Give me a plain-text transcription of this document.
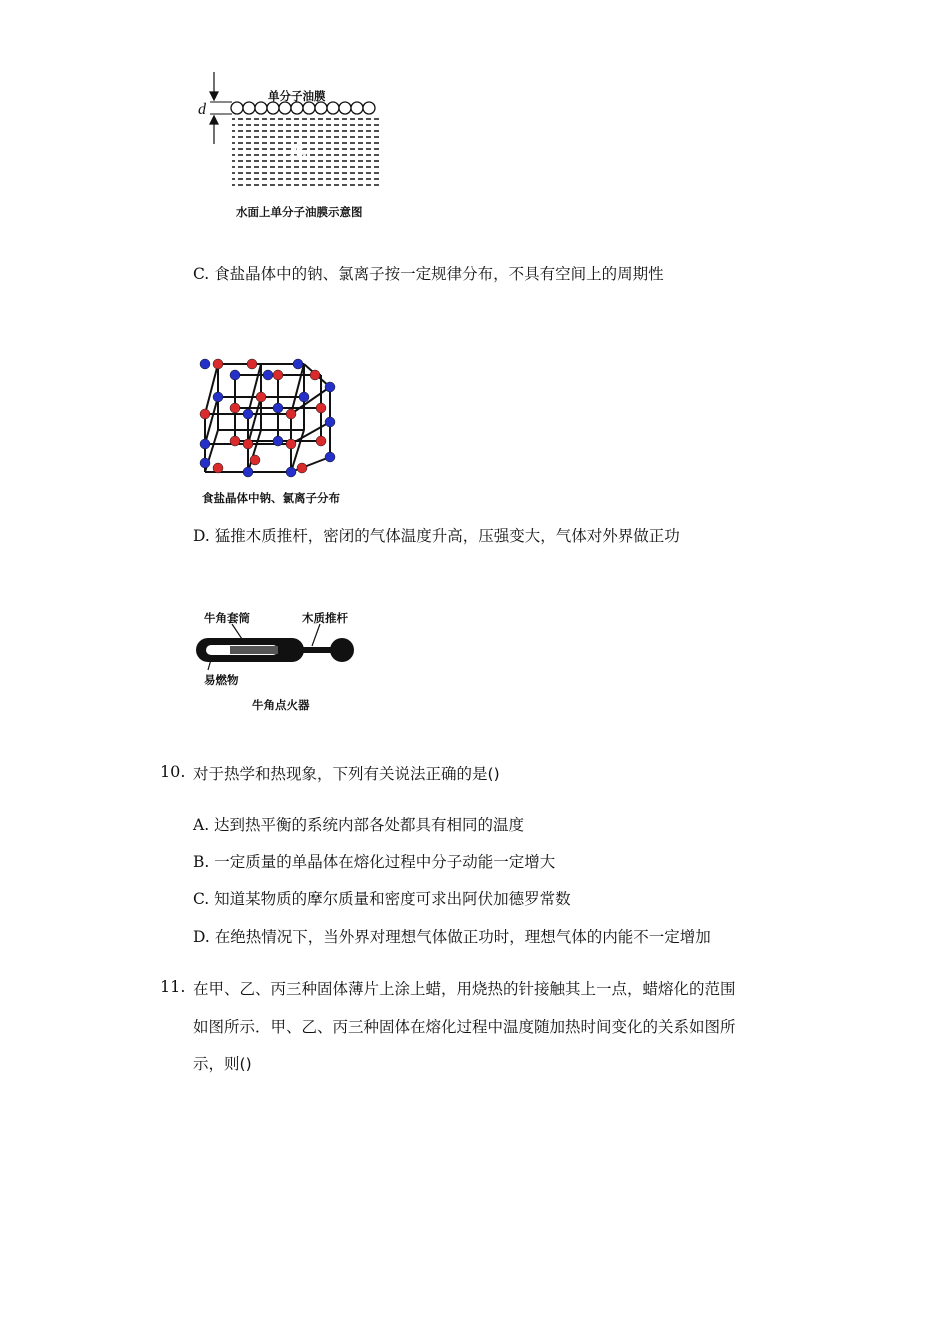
d
单分子油膜
水
水面上单分子油膜示意图
C. 食盐晶体中的钠、氯离子按一定规律分布，不具有空间上的周期性
食盐晶体中钠、氯离子分布
D. 猛推木质推杆，密闭的气体温度升高，压强变大，气体对外界做正功
牛角套筒	木质推杆
易燃物
牛角点火器
10. 对于热学和热现象，下列有关说法正确的是()
A. 达到热平衡的系统内部各处都具有相同的温度
B. 一定质量的单晶体在熔化过程中分子动能一定增大
C. 知道某物质的摩尔质量和密度可求出阿伏加德罗常数
D. 在绝热情况下，当外界对理想气体做正功时，理想气体的内能不一定增加
11. 在甲、乙、丙三种固体薄片上涂上蜡，用烧热的针接触其上一点，蜡熔化的范围
如图所示．甲、乙、丙三种固体在熔化过程中温度随加热时间变化的关系如图所
示，则()
